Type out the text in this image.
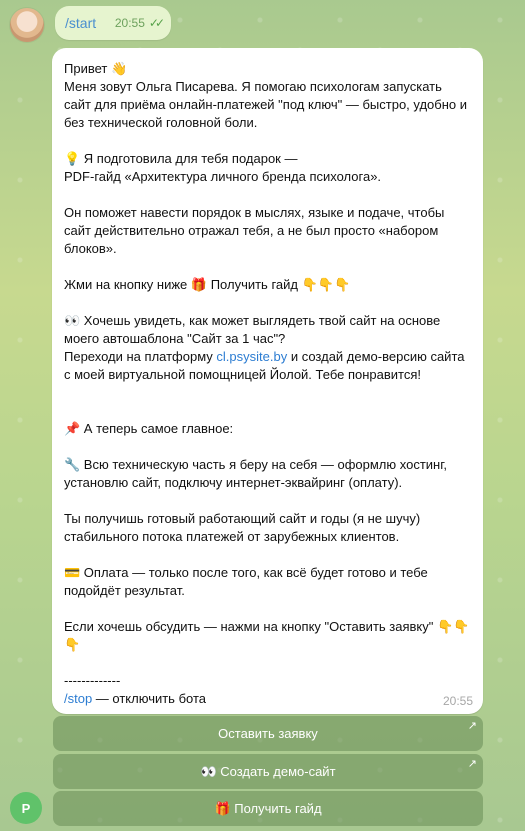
/start 20:55 ✓✓

Привет 👋

Меня зовут Ольга Писарева. Я помогаю психологам запускать сайт для приёма онлайн-платежей "под ключ" — быстро, удобно и без технической головной боли.

💡 Я подготовила для тебя подарок —

PDF-гайд «Архитектура личного бренда психолога».

Он поможет навести порядок в мыслях, языке и подаче, чтобы сайт действительно отражал тебя, а не был просто «набором блоков».

Жми на кнопку ниже 🎁 Получить гайд 👇👇👇

👀 Хочешь увидеть, как может выглядеть твой сайт на основе моего автошаблона "Сайт за 1 час"?

Переходи на платформу cl.psysite.by и создай демо-версию сайта с моей виртуальной помощницей Йолой. Тебе понравится!

📌 А теперь самое главное:

🔧 Всю техническую часть я беру на себя — оформлю хостинг, установлю сайт, подключу интернет-эквайринг (оплату).

Ты получишь готовый работающий сайт и годы (я не шучу) стабильного потока платежей от зарубежных клиентов.

💳 Оплата — только после того, как всё будет готово и тебе подойдёт результат.

Если хочешь обсудить — нажми на кнопку "Оставить заявку" 👇👇👇

-------------

/stop — отключить бота	20:55
Оставить заявку	↗
👀 Создать демо-сайт	↗
🎁 Получить гайд
P
